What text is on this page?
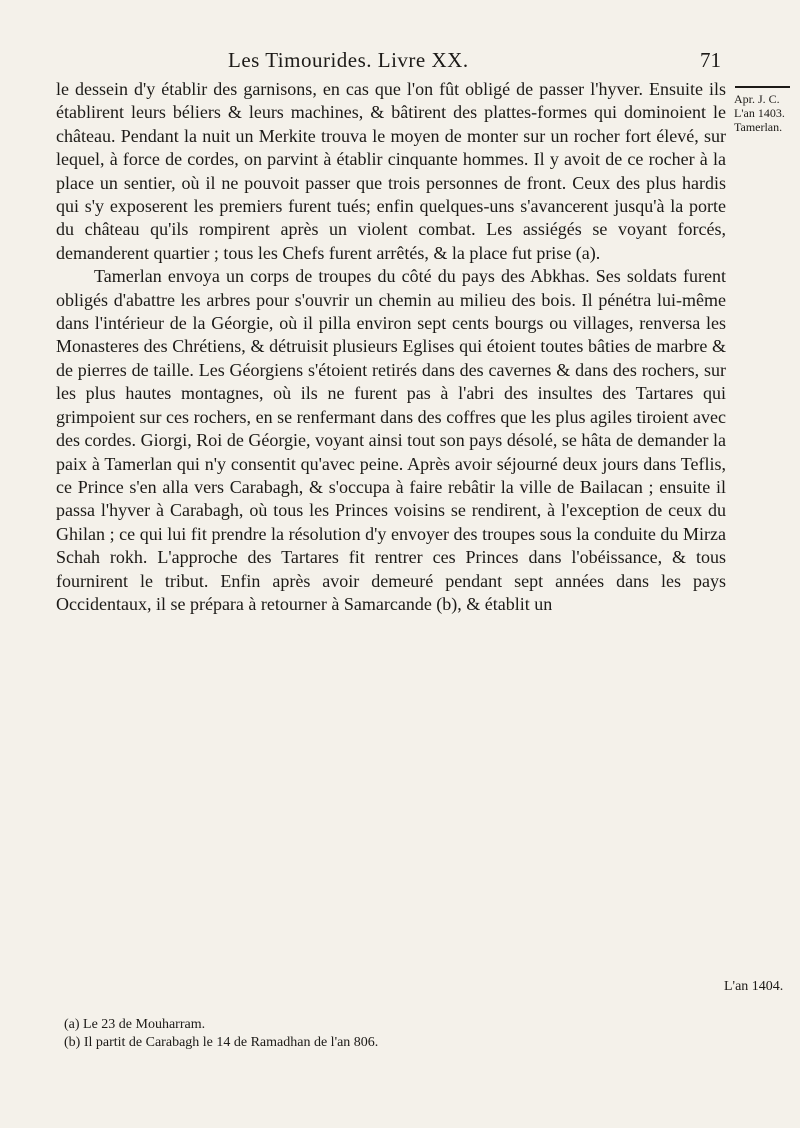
Les Timourides. Livre XX.	71
Apr. J. C.
L'an 1403.
Tamerlan.

le dessein d'y établir des garnisons, en cas que l'on fût obligé de passer l'hyver. Ensuite ils établirent leurs béliers & leurs machines, & bâtirent des plattes-formes qui dominoient le château. Pendant la nuit un Merkite trouva le moyen de monter sur un rocher fort élevé, sur lequel, à force de cordes, on parvint à établir cinquante hommes. Il y avoit de ce rocher à la place un sentier, où il ne pouvoit passer que trois personnes de front. Ceux des plus hardis qui s'y exposerent les premiers furent tués; enfin quelques-uns s'avancerent jusqu'à la porte du château qu'ils rompirent après un violent combat. Les assiégés se voyant forcés, demanderent quartier ; tous les Chefs furent arrêtés, & la place fut prise (a).

Tamerlan envoya un corps de troupes du côté du pays des Abkhas. Ses soldats furent obligés d'abattre les arbres pour s'ouvrir un chemin au milieu des bois. Il pénétra lui-même dans l'intérieur de la Géorgie, où il pilla environ sept cents bourgs ou villages, renversa les Monasteres des Chrétiens, & détruisit plusieurs Eglises qui étoient toutes bâties de marbre & de pierres de taille. Les Géorgiens s'étoient retirés dans des cavernes & dans des rochers, sur les plus hautes montagnes, où ils ne furent pas à l'abri des insultes des Tartares qui grimpoient sur ces rochers, en se renfermant dans des coffres que les plus agiles tiroient avec des cordes. Giorgi, Roi de Géorgie, voyant ainsi tout son pays désolé, se hâta de demander la paix à Tamerlan qui n'y consentit qu'avec peine. Après avoir séjourné deux jours dans Teflis, ce Prince s'en alla vers Carabagh, & s'occupa à faire rebâtir la ville de Bailacan ; ensuite il passa l'hyver à Carabagh, où tous les Princes voisins se rendirent, à l'exception de ceux du Ghilan ; ce qui lui fit prendre la résolution d'y envoyer des troupes sous la conduite du Mirza Schah rokh. L'approche des Tartares fit rentrer ces Princes dans l'obéissance, & tous fournirent le tribut. Enfin après avoir demeuré pendant sept années dans les pays Occidentaux, il se prépara à retourner à Samarcande (b), & établit un

L'an 1404.
(a) Le 23 de Mouharram.
(b) Il partit de Carabagh le 14 de Ramadhan de l'an 806.
